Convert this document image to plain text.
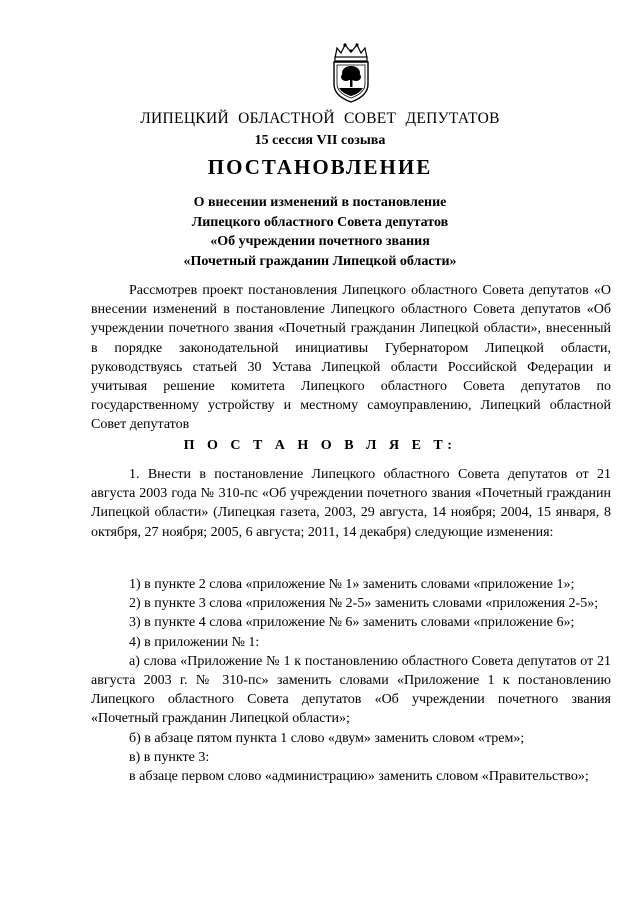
ЛИПЕЦКИЙ ОБЛАСТНОЙ СОВЕТ ДЕПУТАТОВ
15 сессия VII созыва
ПОСТАНОВЛЕНИЕ
О внесении изменений в постановление
Липецкого областного Совета депутатов
«Об учреждении почетного звания
«Почетный гражданин Липецкой области»

Рассмотрев проект постановления Липецкого областного Совета депутатов «О внесении изменений в постановление Липецкого областного Совета депутатов «Об учреждении почетного звания «Почетный гражданин Липецкой области», внесенный в порядке законодательной инициативы Губернатором Липецкой области, руководствуясь статьей 30 Устава Липецкой области Российской Федерации и учитывая решение комитета Липецкого областного Совета депутатов по государственному устройству и местному самоуправлению, Липецкий областной Совет депутатов

П О С Т А Н О В Л Я Е Т:

1. Внести в постановление Липецкого областного Совета депутатов от 21 августа 2003 года № 310-пс «Об учреждении почетного звания «Почетный гражданин Липецкой области» (Липецкая газета, 2003, 29 августа, 14 ноября; 2004, 15 января, 8 октября, 27 ноября; 2005, 6 августа; 2011, 14 декабря) следующие изменения:

1) в пункте 2 слова «приложение № 1» заменить словами «приложение 1»;

2) в пункте 3 слова «приложения № 2-5» заменить словами «приложения 2-5»;

3) в пункте 4 слова «приложение № 6» заменить словами «приложение 6»;

4) в приложении № 1:

а) слова «Приложение № 1 к постановлению областного Совета депутатов от 21 августа 2003 г. № 310-пс» заменить словами «Приложение 1 к постановлению Липецкого областного Совета депутатов «Об учреждении почетного звания «Почетный гражданин Липецкой области»;

б) в абзаце пятом пункта 1 слово «двум» заменить словом «трем»;

в) в пункте 3:

в абзаце первом слово «администрацию» заменить словом «Правительство»;
